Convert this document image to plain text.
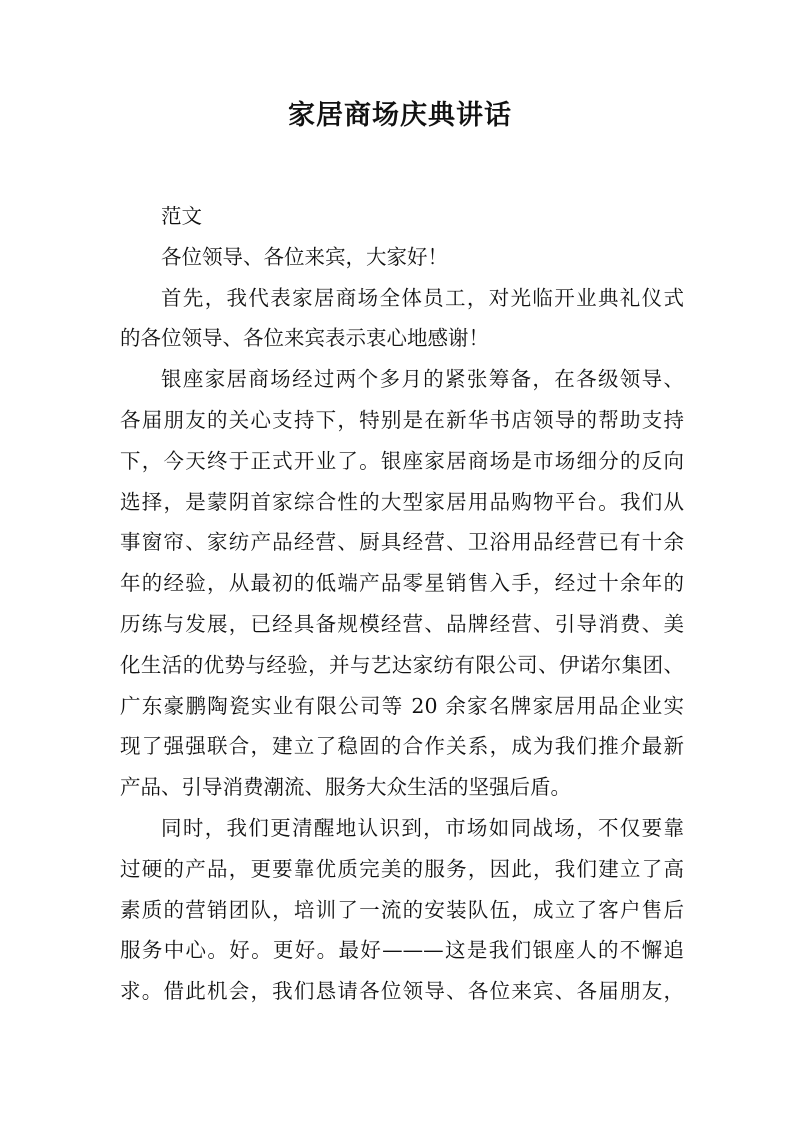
家居商场庆典讲话

范文

各位领导、各位来宾，大家好！

首先，我代表家居商场全体员工，对光临开业典礼仪式
的各位领导、各位来宾表示衷心地感谢！

银座家居商场经过两个多月的紧张筹备，在各级领导、
各届朋友的关心支持下，特别是在新华书店领导的帮助支持
下，今天终于正式开业了。银座家居商场是市场细分的反向
选择，是蒙阴首家综合性的大型家居用品购物平台。我们从
事窗帘、家纺产品经营、厨具经营、卫浴用品经营已有十余
年的经验，从最初的低端产品零星销售入手，经过十余年的
历练与发展，已经具备规模经营、品牌经营、引导消费、美
化生活的优势与经验，并与艺达家纺有限公司、伊诺尔集团、
广东豪鹏陶瓷实业有限公司等 20 余家名牌家居用品企业实
现了强强联合，建立了稳固的合作关系，成为我们推介最新
产品、引导消费潮流、服务大众生活的坚强后盾。

同时，我们更清醒地认识到，市场如同战场，不仅要靠
过硬的产品，更要靠优质完美的服务，因此，我们建立了高
素质的营销团队，培训了一流的安装队伍，成立了客户售后
服务中心。好。更好。最好———这是我们银座人的不懈追
求。借此机会，我们恳请各位领导、各位来宾、各届朋友，
